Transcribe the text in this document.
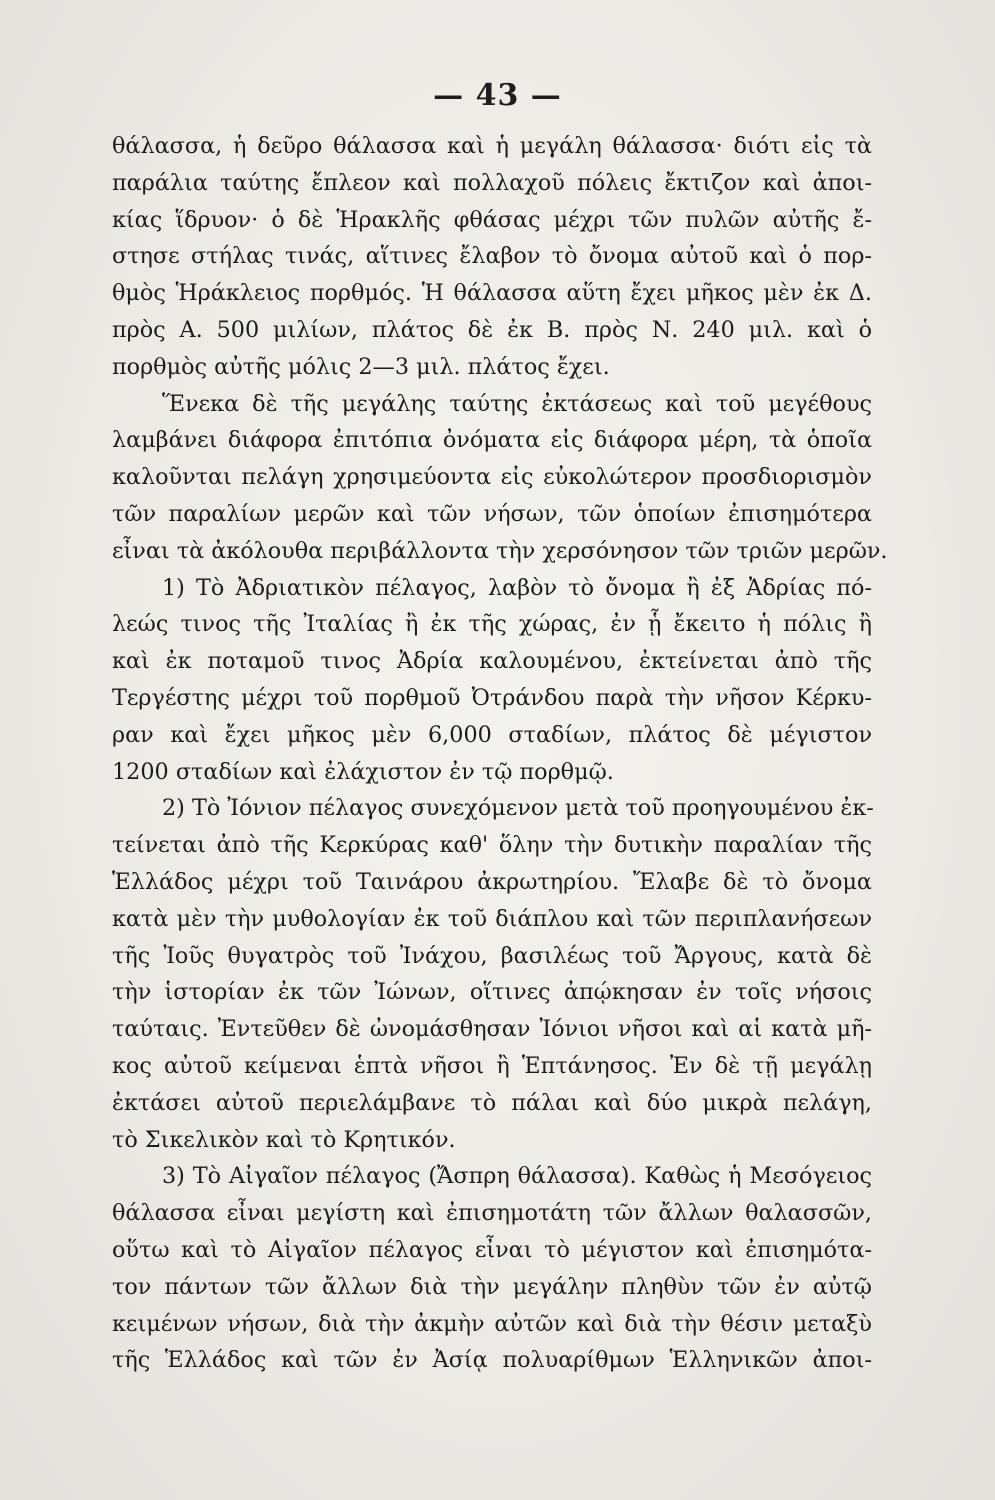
— 43 —
θάλασσα, ἡ δεῦρο θάλασσα καὶ ἡ μεγάλη θάλασσα· διότι εἰς τὰ
παράλια ταύτης ἔπλεον καὶ πολλαχοῦ πόλεις ἔκτιζον καὶ ἀποι-
κίας ἵδρυον· ὁ δὲ Ἡρακλῆς φθάσας μέχρι τῶν πυλῶν αὐτῆς ἔ-
στησε στήλας τινάς, αἵτινες ἔλαβον τὸ ὄνομα αὐτοῦ καὶ ὁ πορ-
θμὸς Ἡράκλειος πορθμός. Ἡ θάλασσα αὕτη ἔχει μῆκος μὲν ἐκ Δ.
πρὸς Α. 500 μιλίων, πλάτος δὲ ἐκ Β. πρὸς Ν. 240 μιλ. καὶ ὁ
πορθμὸς αὐτῆς μόλις 2—3 μιλ. πλάτος ἔχει.
Ἕνεκα δὲ τῆς μεγάλης ταύτης ἐκτάσεως καὶ τοῦ μεγέθους
λαμβάνει διάφορα ἐπιτόπια ὀνόματα εἰς διάφορα μέρη, τὰ ὁποῖα
καλοῦνται πελάγη χρησιμεύοντα εἰς εὐκολώτερον προσδιορισμὸν
τῶν παραλίων μερῶν καὶ τῶν νήσων, τῶν ὁποίων ἐπισημότερα
εἶναι τὰ ἀκόλουθα περιβάλλοντα τὴν χερσόνησον τῶν τριῶν μερῶν.
1) Τὸ Ἀδριατικὸν πέλαγος, λαβὸν τὸ ὄνομα ἢ ἐξ Ἀδρίας πό-
λεώς τινος τῆς Ἰταλίας ἢ ἐκ τῆς χώρας, ἐν ᾗ ἔκειτο ἡ πόλις ἢ
καὶ ἐκ ποταμοῦ τινος Ἀδρία καλουμένου, ἐκτείνεται ἀπὸ τῆς
Τεργέστης μέχρι τοῦ πορθμοῦ Ὀτράνδου παρὰ τὴν νῆσον Κέρκυ-
ραν καὶ ἔχει μῆκος μὲν 6,000 σταδίων, πλάτος δὲ μέγιστον
1200 σταδίων καὶ ἐλάχιστον ἐν τῷ πορθμῷ.
2) Τὸ Ἰόνιον πέλαγος συνεχόμενον μετὰ τοῦ προηγουμένου ἐκ-
τείνεται ἀπὸ τῆς Κερκύρας καθ' ὅλην τὴν δυτικὴν παραλίαν τῆς
Ἑλλάδος μέχρι τοῦ Ταινάρου ἀκρωτηρίου. Ἔλαβε δὲ τὸ ὄνομα
κατὰ μὲν τὴν μυθολογίαν ἐκ τοῦ διάπλου καὶ τῶν περιπλανήσεων
τῆς Ἰοῦς θυγατρὸς τοῦ Ἰνάχου, βασιλέως τοῦ Ἄργους, κατὰ δὲ
τὴν ἱστορίαν ἐκ τῶν Ἰώνων, οἵτινες ἀπῴκησαν ἐν τοῖς νήσοις
ταύταις. Ἐντεῦθεν δὲ ὠνομάσθησαν Ἰόνιοι νῆσοι καὶ αἱ κατὰ μῆ-
κος αὐτοῦ κείμεναι ἑπτὰ νῆσοι ἢ Ἑπτάνησος. Ἐν δὲ τῇ μεγάλῃ
ἐκτάσει αὐτοῦ περιελάμβανε τὸ πάλαι καὶ δύο μικρὰ πελάγη,
τὸ Σικελικὸν καὶ τὸ Κρητικόν.
3) Τὸ Αἰγαῖον πέλαγος (Ἄσπρη θάλασσα). Καθὼς ἡ Μεσόγειος
θάλασσα εἶναι μεγίστη καὶ ἐπισημοτάτη τῶν ἄλλων θαλασσῶν,
οὕτω καὶ τὸ Αἰγαῖον πέλαγος εἶναι τὸ μέγιστον καὶ ἐπισημότα-
τον πάντων τῶν ἄλλων διὰ τὴν μεγάλην πληθὺν τῶν ἐν αὐτῷ
κειμένων νήσων, διὰ τὴν ἀκμὴν αὐτῶν καὶ διὰ τὴν θέσιν μεταξὺ
τῆς Ἑλλάδος καὶ τῶν ἐν Ἀσίᾳ πολυαρίθμων Ἑλληνικῶν ἀποι-
